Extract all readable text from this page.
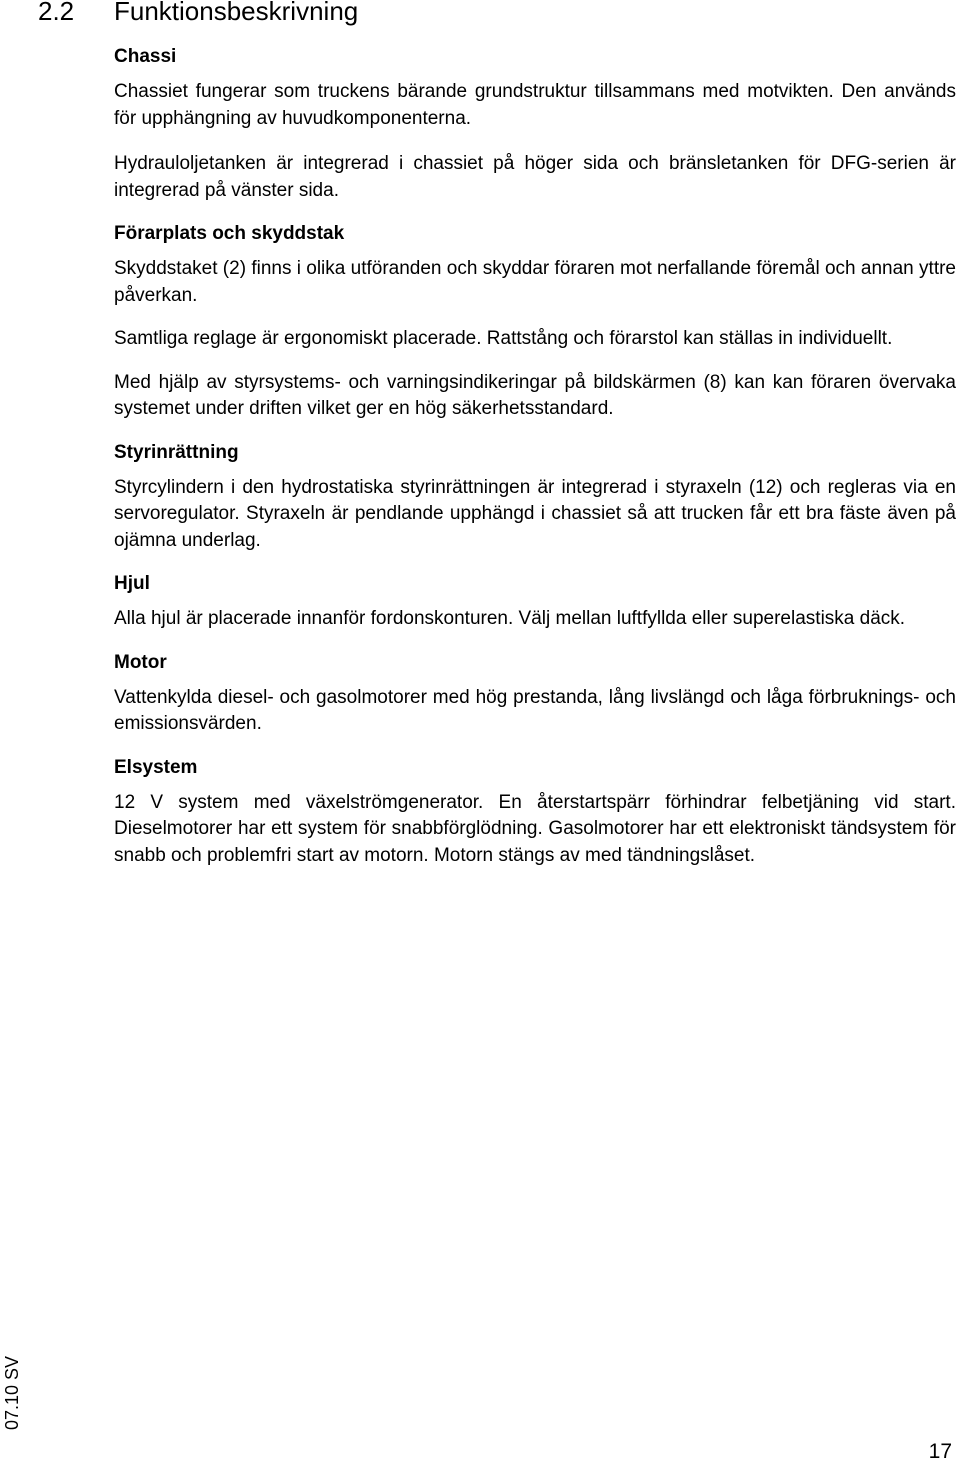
2.2 Funktionsbeskrivning
Chassi

Chassiet fungerar som truckens bärande grundstruktur tillsammans med motvikten. Den används för upphängning av huvudkomponenterna.

Hydrauloljetanken är integrerad i chassiet på höger sida och bränsletanken för DFG-serien är integrerad på vänster sida.

Förarplats och skyddstak

Skyddstaket (2) finns i olika utföranden och skyddar föraren mot nerfallande föremål och annan yttre påverkan.

Samtliga reglage är ergonomiskt placerade. Rattstång och förarstol kan ställas in individuellt.

Med hjälp av styrsystems- och varningsindikeringar på bildskärmen (8) kan kan föraren övervaka systemet under driften vilket ger en hög säkerhetsstandard.

Styrinrättning

Styrcylindern i den hydrostatiska styrinrättningen är integrerad i styraxeln (12) och regleras via en servoregulator. Styraxeln är pendlande upphängd i chassiet så att trucken får ett bra fäste även på ojämna underlag.

Hjul

Alla hjul är placerade innanför fordonskonturen. Välj mellan luftfyllda eller superelastiska däck.

Motor

Vattenkylda diesel- och gasolmotorer med hög prestanda, lång livslängd och låga förbruknings- och emissionsvärden.

Elsystem

12 V system med växelströmgenerator. En återstartspärr förhindrar felbetjäning vid start. Dieselmotorer har ett system för snabbförglödning. Gasolmotorer har ett elektroniskt tändsystem för snabb och problemfri start av motorn. Motorn stängs av med tändningslåset.

07.10 SV
17
